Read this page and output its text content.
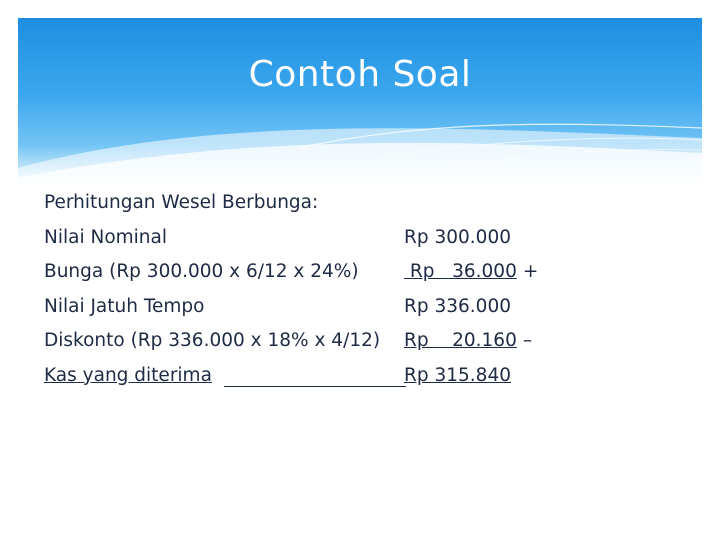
Contoh Soal
Perhitungan Wesel Berbunga:
Nilai Nominal	Rp 300.000
Bunga (Rp 300.000 x 6/12 x 24%) Rp   36.000 +
Nilai Jatuh Tempo	Rp 336.000
Diskonto (Rp 336.000 x 18% x 4/12) Rp    20.160 –
Kas yang diterima	Rp 315.840
